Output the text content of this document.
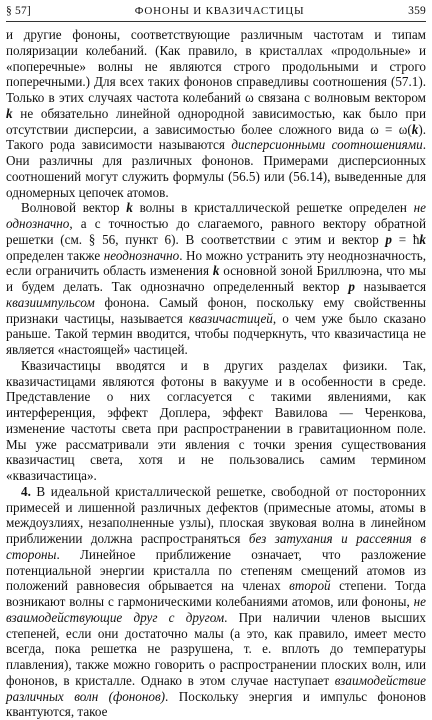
§ 57]	ФОНОНЫ И КВАЗИЧАСТИЦЫ	359

и другие фононы, соответствующие различным частотам и типам поляризации колебаний. (Как правило, в кристаллах «продольные» и «поперечные» волны не являются строго продольными и строго поперечными.) Для всех таких фононов справедливы соотношения (57.1). Только в этих случаях частота колебаний ω связана с волновым вектором k не обязательно линейной однородной зависимостью, как было при отсутствии дисперсии, а зависимостью более сложного вида ω = ω(k). Такого рода зависимости называются дисперсионными соотношениями. Они различны для различных фононов. Примерами дисперсионных соотношений могут служить формулы (56.5) или (56.14), выведенные для одномерных цепочек атомов.

Волновой вектор k волны в кристаллической решетке определен не однозначно, а с точностью до слагаемого, равного вектору обратной решетки (см. § 56, пункт 6). В соответствии с этим и вектор p = ħk определен также неоднозначно. Но можно устранить эту неоднозначность, если ограничить область изменения k основной зоной Бриллюэна, что мы и будем делать. Так однозначно определенный вектор p называется квазиимпульсом фонона. Самый фонон, поскольку ему свойственны признаки частицы, называется квазичастицей, о чем уже было сказано раньше. Такой термин вводится, чтобы подчеркнуть, что квазичастица не является «настоящей» частицей.

Квазичастицы вводятся и в других разделах физики. Так, квазичастицами являются фотоны в вакууме и в особенности в среде. Представление о них согласуется с такими явлениями, как интерференция, эффект Доплера, эффект Вавилова — Черенкова, изменение частоты света при распространении в гравитационном поле. Мы уже рассматривали эти явления с точки зрения существования квазичастиц света, хотя и не пользовались самим термином «квазичастица».

4. В идеальной кристаллической решетке, свободной от посторонних примесей и лишенной различных дефектов (примесные атомы, атомы в междоузлиях, незаполненные узлы), плоская звуковая волна в линейном приближении должна распространяться без затухания и рассеяния в стороны. Линейное приближение означает, что разложение потенциальной энергии кристалла по степеням смещений атомов из положений равновесия обрывается на членах второй степени. Тогда возникают волны с гармоническими колебаниями атомов, или фононы, не взаимодействующие друг с другом. При наличии членов высших степеней, если они достаточно малы (а это, как правило, имеет место всегда, пока решетка не разрушена, т. е. вплоть до температуры плавления), также можно говорить о распространении плоских волн, или фононов, в кристалле. Однако в этом случае наступает взаимодействие различных волн (фононов). Поскольку энергия и импульс фононов квантуются, такое
